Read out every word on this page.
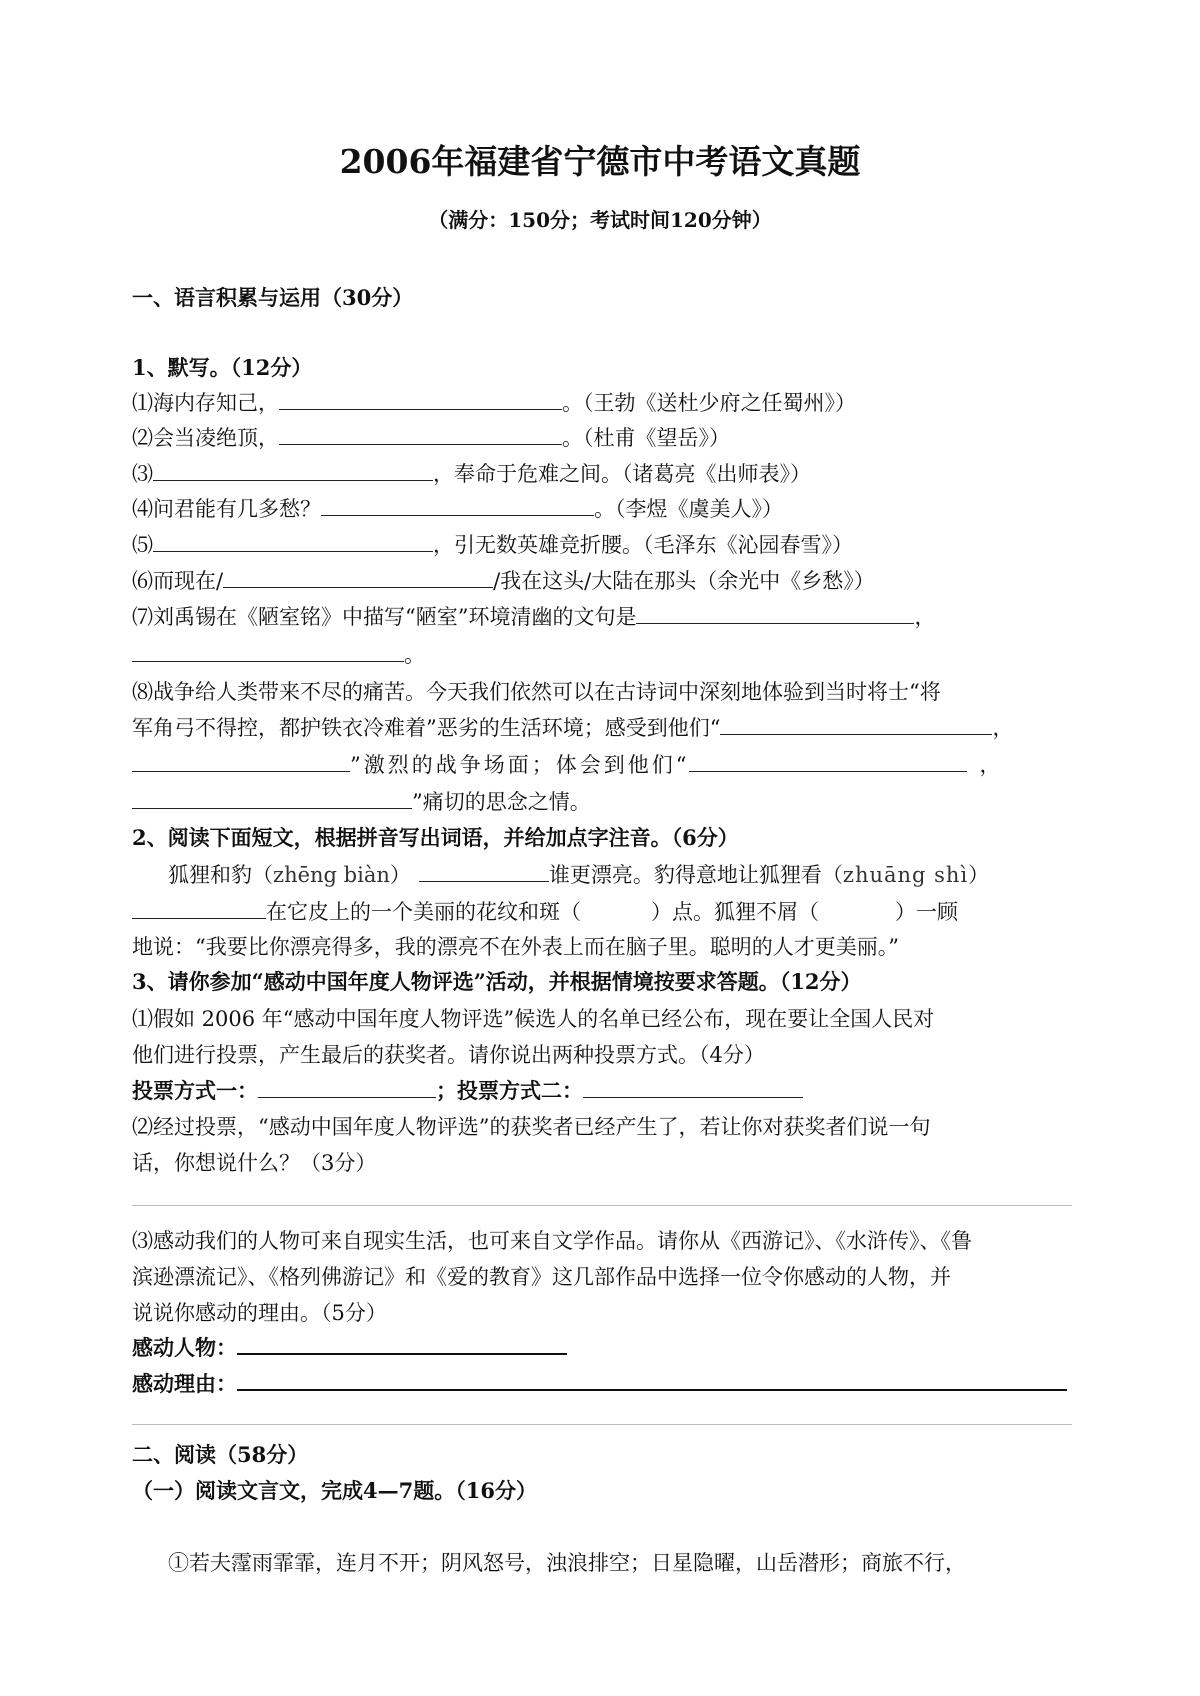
2006年福建省宁德市中考语文真题
（满分：150分；考试时间120分钟）
一、语言积累与运用（30分）
1、默写。（12分）
⑴海内存知己，	。（王勃《送杜少府之任蜀州》）
⑵会当凌绝顶，	。（杜甫《望岳》）
⑶	，奉命于危难之间。（诸葛亮《出师表》）
⑷问君能有几多愁？	。（李煜《虞美人》）
⑸	，引无数英雄竞折腰。（毛泽东《沁园春雪》）
⑹而现在/	/我在这头/大陆在那头（余光中《乡愁》）
⑺刘禹锡在《陋室铭》中描写“陋室”环境清幽的文句是	，
。
⑻战争给人类带来不尽的痛苦。今天我们依然可以在古诗词中深刻地体验到当时将士“将
军角弓不得控，都护铁衣冷难着”恶劣的生活环境；感受到他们“	，
”激烈的战争场面；体会到他们“	，
”痛切的思念之情。
2、阅读下面短文，根据拼音写出词语，并给加点字注音。（6分）
狐狸和豹（zhēng biàn）	谁更漂亮。豹得意地让狐狸看（zhuāng shì）
在它皮上的一个美丽的花纹和斑（	）点。狐狸不屑（	）一顾
地说：“我要比你漂亮得多，我的漂亮不在外表上而在脑子里。聪明的人才更美丽。”
3、请你参加“感动中国年度人物评选”活动，并根据情境按要求答题。（12分）
⑴假如 2006 年“感动中国年度人物评选”候选人的名单已经公布，现在要让全国人民对
他们进行投票，产生最后的获奖者。请你说出两种投票方式。（4分）
投票方式一：	；投票方式二：
⑵经过投票，“感动中国年度人物评选”的获奖者已经产生了，若让你对获奖者们说一句
话，你想说什么？（3分）
⑶感动我们的人物可来自现实生活，也可来自文学作品。请你从《西游记》、《水浒传》、《鲁
滨逊漂流记》、《格列佛游记》和《爱的教育》这几部作品中选择一位令你感动的人物，并
说说你感动的理由。（5分）
感动人物：
感动理由：
二、阅读（58分）
（一）阅读文言文，完成4—7题。（16分）
①若夫霪雨霏霏，连月不开；阴风怒号，浊浪排空；日星隐曜，山岳潜形；商旅不行，
